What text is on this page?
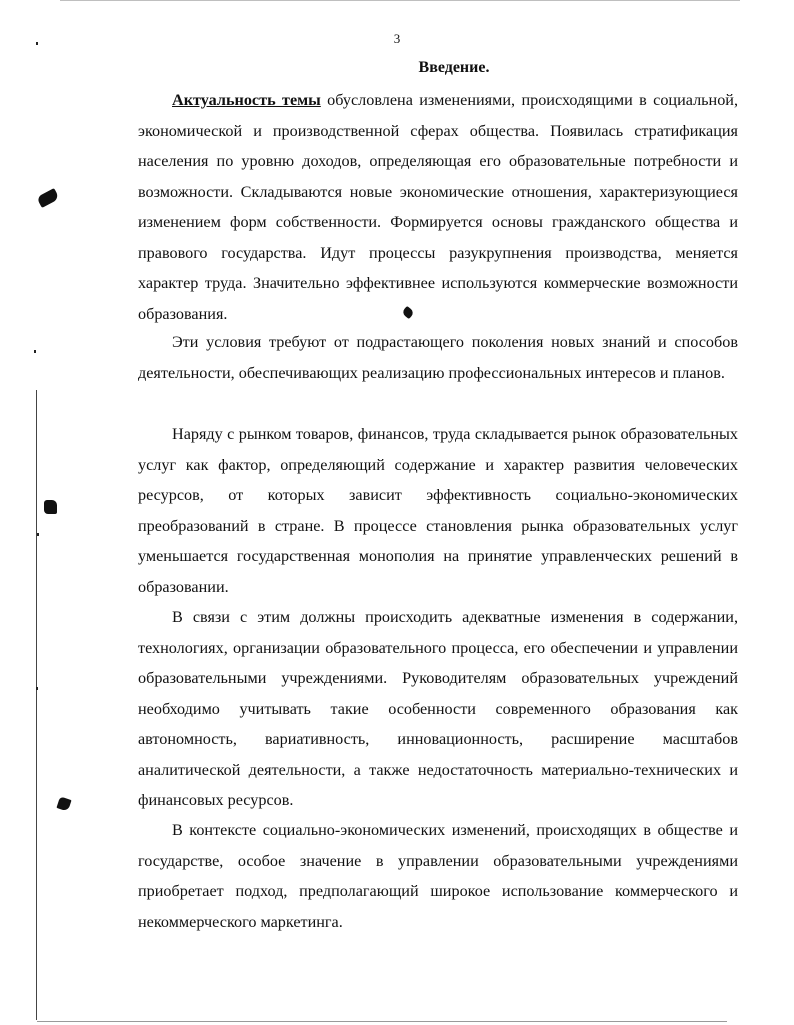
3
Введение.

Актуальность темы обусловлена изменениями, происходящими в социальной, экономической и производственной сферах общества. Появилась стратификация населения по уровню доходов, определяющая его образовательные потребности и возможности. Складываются новые экономические отношения, характеризующиеся изменением форм собственности. Формируется основы гражданского общества и правового государства. Идут процессы разукрупнения производства, меняется характер труда. Значительно эффективнее используются коммерческие возможности образования.

Эти условия требуют от подрастающего поколения новых знаний и способов деятельности, обеспечивающих реализацию профессиональных интересов и планов.

Наряду с рынком товаров, финансов, труда складывается рынок образовательных услуг как фактор, определяющий содержание и характер развития человеческих ресурсов, от которых зависит эффективность социально-экономических преобразований в стране. В процессе становления рынка образовательных услуг уменьшается государственная монополия на принятие управленческих решений в образовании.

В связи с этим должны происходить адекватные изменения в содержании, технологиях, организации образовательного процесса, его обеспечении и управлении образовательными учреждениями. Руководителям образовательных учреждений необходимо учитывать такие особенности современного образования как автономность, вариативность, инновационность, расширение масштабов аналитической деятельности, а также недостаточность материально-технических и финансовых ресурсов.

В контексте социально-экономических изменений, происходящих в обществе и государстве, особое значение в управлении образовательными учреждениями приобретает подход, предполагающий широкое использование коммерческого и некоммерческого маркетинга.
